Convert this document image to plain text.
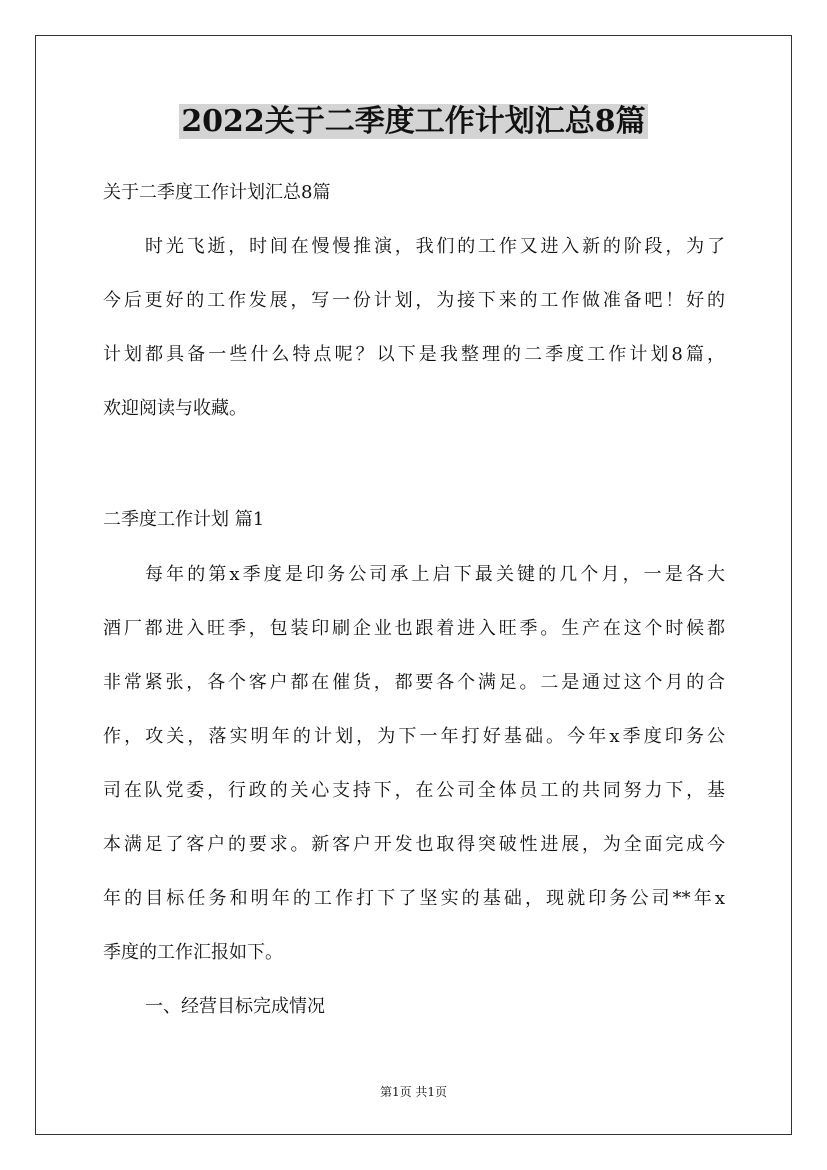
2022关于二季度工作计划汇总8篇

关于二季度工作计划汇总8篇

时光飞逝，时间在慢慢推演，我们的工作又进入新的阶段，为了

今后更好的工作发展，写一份计划，为接下来的工作做准备吧！好的

计划都具备一些什么特点呢？以下是我整理的二季度工作计划8篇，

欢迎阅读与收藏。

二季度工作计划 篇1

每年的第x季度是印务公司承上启下最关键的几个月，一是各大

酒厂都进入旺季，包装印刷企业也跟着进入旺季。生产在这个时候都

非常紧张，各个客户都在催货，都要各个满足。二是通过这个月的合

作，攻关，落实明年的计划，为下一年打好基础。今年x季度印务公

司在队党委，行政的关心支持下，在公司全体员工的共同努力下，基

本满足了客户的要求。新客户开发也取得突破性进展，为全面完成今

年的目标任务和明年的工作打下了坚实的基础，现就印务公司**年x

季度的工作汇报如下。

一、经营目标完成情况

第1页 共1页
